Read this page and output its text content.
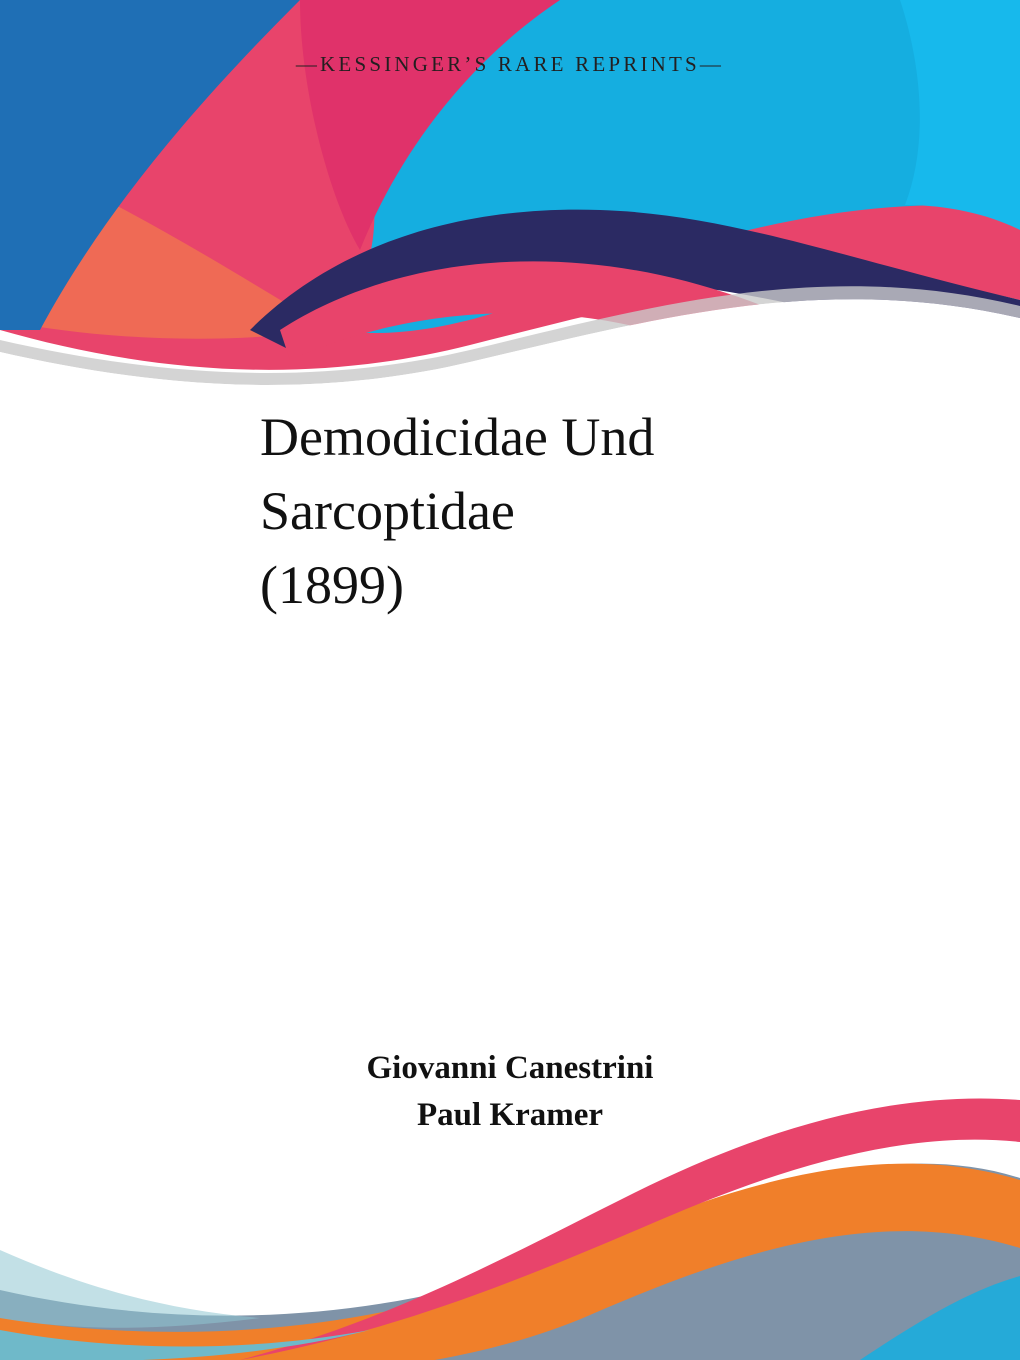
—KESSINGER’S RARE REPRINTS—
Demodicidae Und
Sarcoptidae
(1899)
Giovanni Canestrini
Paul Kramer
